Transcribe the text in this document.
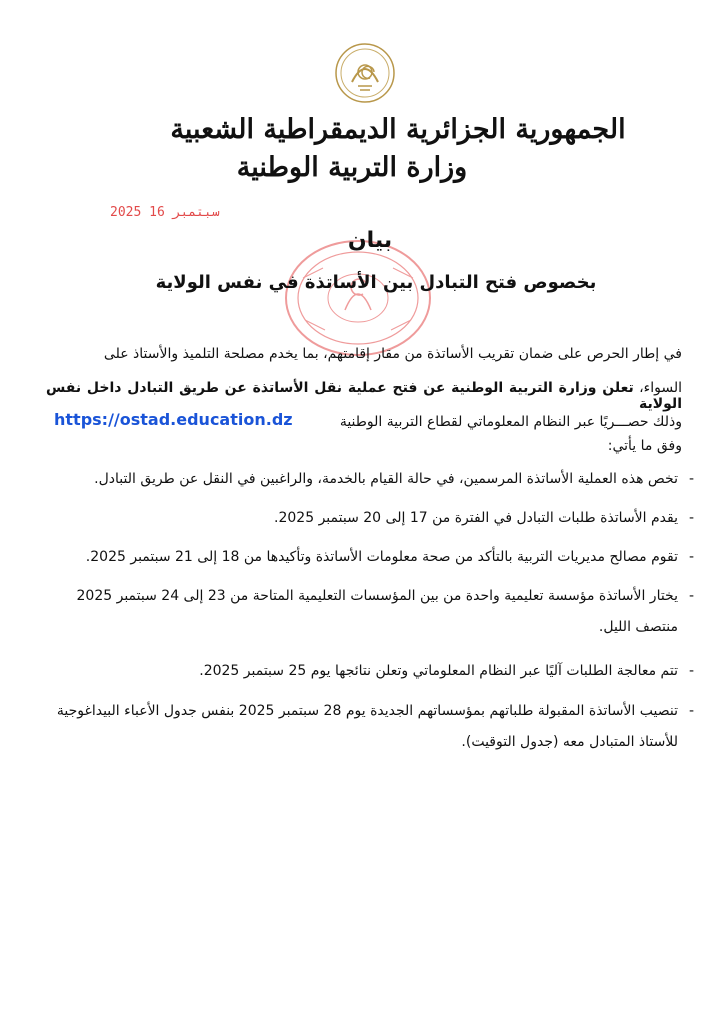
الجمهورية الجزائرية الديمقراطية الشعبية
وزارة التربية الوطنية
2025 سبتمبر 16
بيان
بخصوص فتح التبادل بين الأساتذة في نفس الولاية
في إطار الحرص على ضمان تقريب الأساتذة من مقار إقامتهم، بما يخدم مصلحة التلميذ والأستاذ على
السواء، تعلن وزارة التربية الوطنية عن فتح عملية نقل الأساتذة عن طريق التبادل داخل نفس الولاية
وذلك حصـــريًا عبر النظام المعلوماتي لقطاع التربية الوطنية
https://ostad.education.dz
وفق ما يأتي:
-
تخص هذه العملية الأساتذة المرسمين، في حالة القيام بالخدمة، والراغبين في النقل عن طريق التبادل.
-
يقدم الأساتذة طلبات التبادل في الفترة من 17 إلى 20 سبتمبر 2025.
-
تقوم مصالح مديريات التربية بالتأكد من صحة معلومات الأساتذة وتأكيدها من 18 إلى 21 سبتمبر 2025.
-
يختار الأساتذة مؤسسة تعليمية واحدة من بين المؤسسات التعليمية المتاحة من 23 إلى 24 سبتمبر 2025 منتصف الليل.
-
تتم معالجة الطلبات آليًا عبر النظام المعلوماتي وتعلن نتائجها يوم 25 سبتمبر 2025.
-
تنصيب الأساتذة المقبولة طلباتهم بمؤسساتهم الجديدة يوم 28 سبتمبر 2025 بنفس جدول الأعباء البيداغوجية للأستاذ المتبادل معه (جدول التوقيت).
